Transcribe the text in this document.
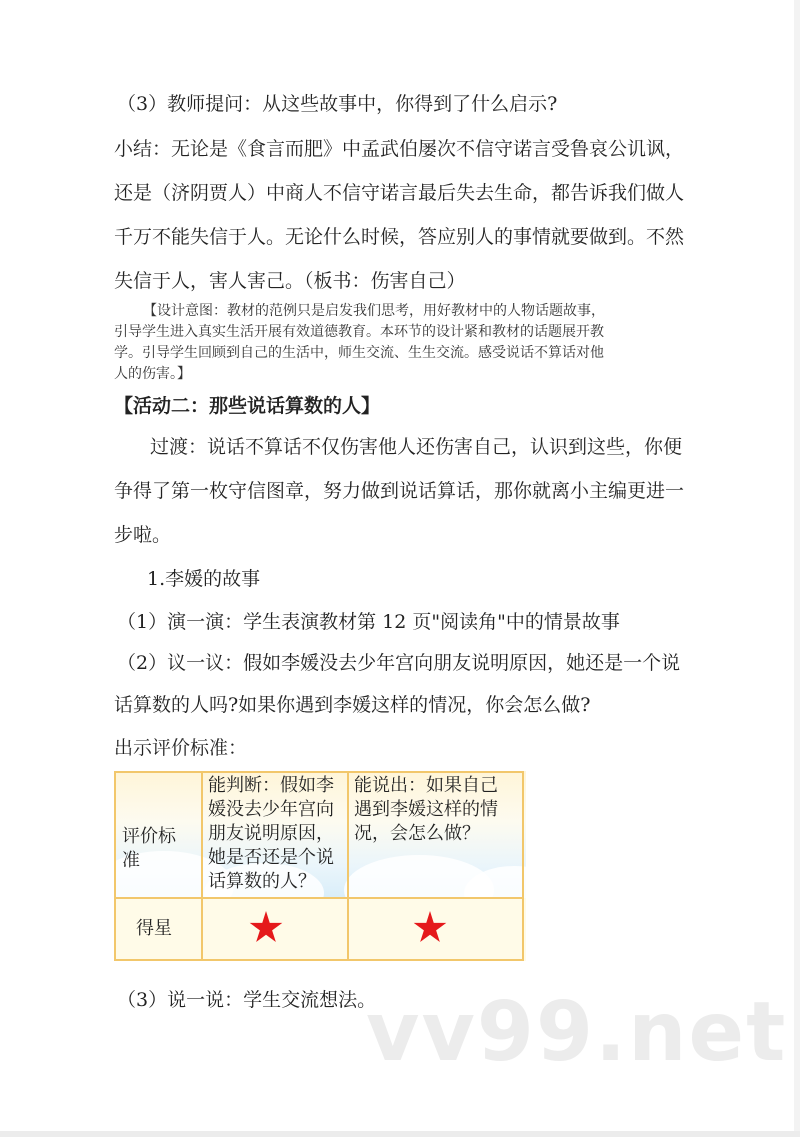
（3）教师提问：从这些故事中，你得到了什么启示?
小结：无论是《食言而肥》中孟武伯屡次不信守诺言受鲁哀公讥讽，
还是（济阴贾人）中商人不信守诺言最后失去生命，都告诉我们做人
千万不能失信于人。无论什么时候，答应别人的事情就要做到。不然
失信于人，害人害己。（板书：伤害自己）
【设计意图：教材的范例只是启发我们思考，用好教材中的人物话题故事，
引导学生进入真实生活开展有效道德教育。本环节的设计紧和教材的话题展开教
学。引导学生回顾到自己的生活中，师生交流、生生交流。感受说话不算话对他
人的伤害。】
【活动二：那些说话算数的人】
过渡：说话不算话不仅伤害他人还伤害自己，认识到这些，你便
争得了第一枚守信图章，努力做到说话算话，那你就离小主编更进一
步啦。
1.李媛的故事
（1）演一演：学生表演教材第 12 页"阅读角"中的情景故事
（2）议一议：假如李媛没去少年宫向朋友说明原因，她还是一个说
话算数的人吗?如果你遇到李媛这样的情况，你会怎么做?
出示评价标准：
评价标
准
能判断：假如李
媛没去少年宫向
朋友说明原因，
她是否还是个说
话算数的人？
能说出：如果自己
遇到李媛这样的情
况，会怎么做？
得星
（3）说一说：学生交流想法。
vv99.net
